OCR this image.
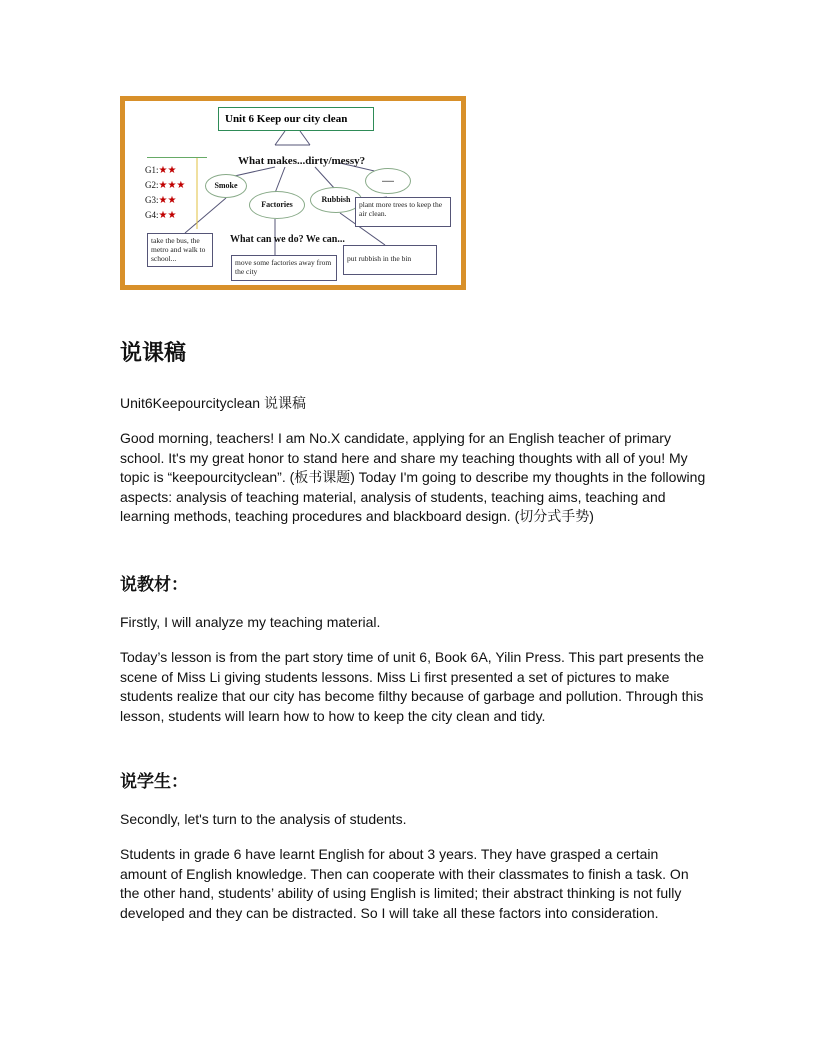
Unit 6 Keep our city clean
What makes...dirty/messy?
G1:★★
G2:★★★
G3:★★
G4:★★
Smoke
Factories
Rubbish
......
plant more trees to keep the air clean.
What can we do? We can...
take the bus, the metro and walk to school...	move some factories away from the city
put rubbish in the bin
说课稿

Unit6Keepourcityclean 说课稿

Good morning, teachers! I am No.X candidate, applying for an English teacher of primary school. It's my great honor to stand here and share my teaching thoughts with all of you! My topic is “keepourcityclean”. (板书课题) Today I'm going to describe my thoughts in the following aspects: analysis of teaching material, analysis of students, teaching aims, teaching and learning methods, teaching procedures and blackboard design. (切分式手势)

说教材：

Firstly, I will analyze my teaching material.

Today’s lesson is from the part story time of unit 6, Book 6A, Yilin Press. This part presents the scene of Miss Li giving students lessons. Miss Li first presented a set of pictures to make students realize that our city has become filthy because of garbage and pollution. Through this lesson, students will learn how to how to keep the city clean and tidy.

说学生：

Secondly, let's turn to the analysis of students.

Students in grade 6 have learnt English for about 3 years. They have grasped a certain amount of English knowledge. Then can cooperate with their classmates to finish a task. On the other hand, students’ ability of using English is limited; their abstract thinking is not fully developed and they can be distracted. So I will take all these factors into consideration.
